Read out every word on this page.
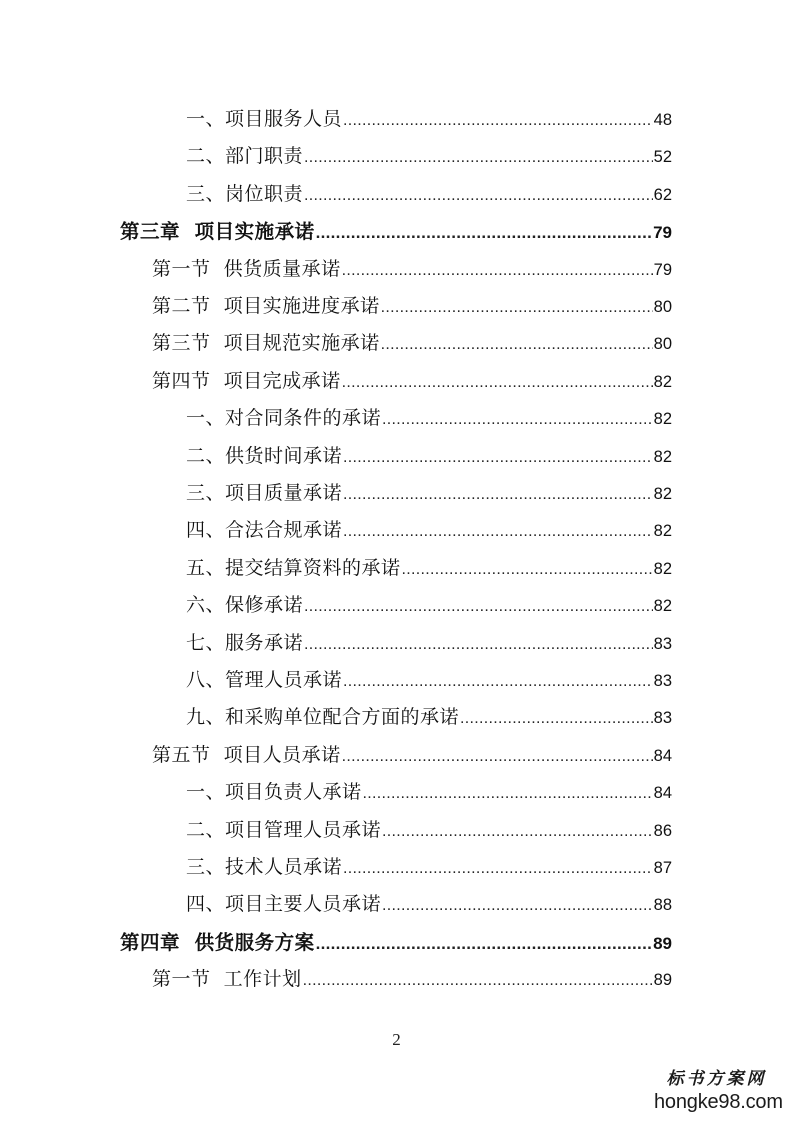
一、项目服务人员 .....	48
二、部门职责 .....	52
三、岗位职责 .....	62
第三章  项目实施承诺 .....	79
第一节  供货质量承诺 .....	79
第二节  项目实施进度承诺 .....	80
第三节  项目规范实施承诺 .....	80
第四节  项目完成承诺 .....	82
一、对合同条件的承诺 .....	82
二、供货时间承诺 .....	82
三、项目质量承诺 .....	82
四、合法合规承诺 .....	82
五、提交结算资料的承诺 .....	82
六、保修承诺 .....	82
七、服务承诺 .....	83
八、管理人员承诺 .....	83
九、和采购单位配合方面的承诺 .....	83
第五节  项目人员承诺 .....	84
一、项目负责人承诺 .....	84
二、项目管理人员承诺 .....	86
三、技术人员承诺 .....	87
四、项目主要人员承诺 .....	88
第四章  供货服务方案 .....	89
第一节  工作计划 .....	89
2
标书方案网
hongke98.com
